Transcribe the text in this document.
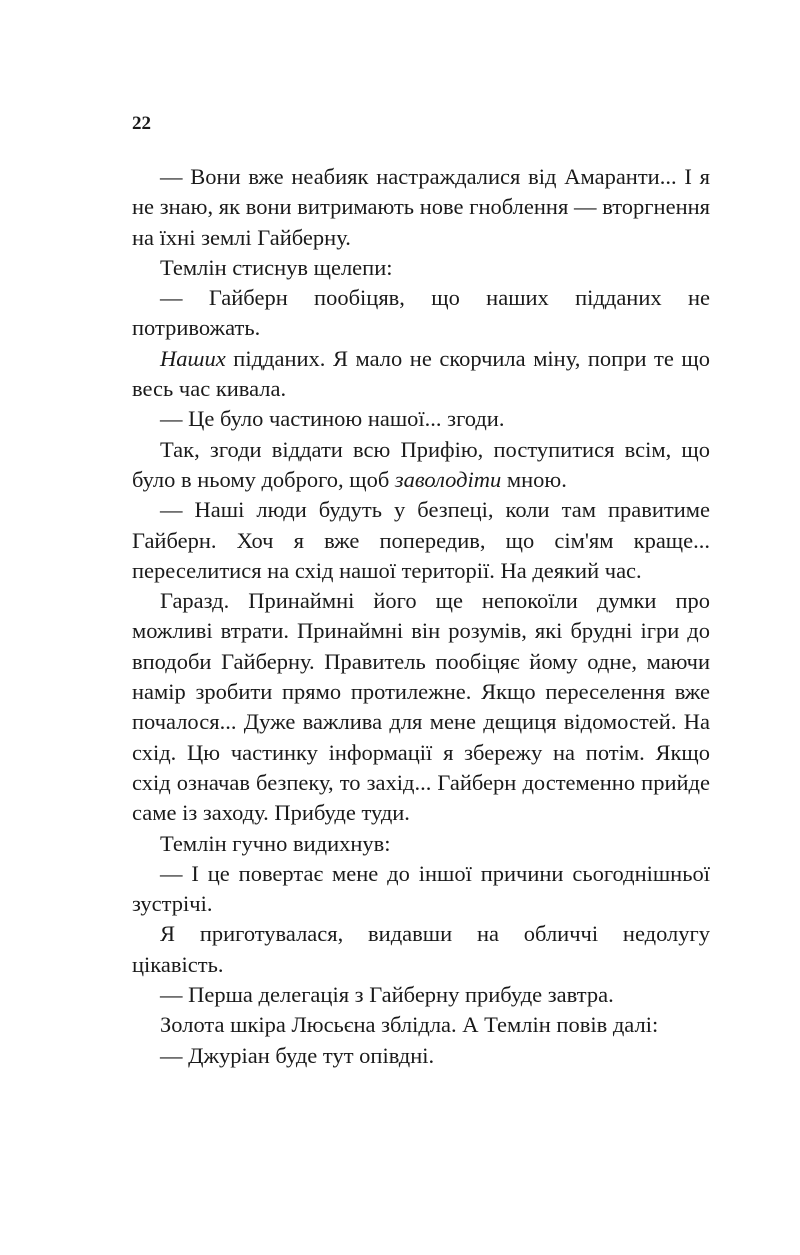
22

— Вони вже неабияк настраждалися від Амаранти... І я не знаю, як вони витримають нове гноблення — вторгнення на їхні землі Гайберну.

Темлін стиснув щелепи:

— Гайберн пообіцяв, що наших підданих не потривожать.

Наших підданих. Я мало не скорчила міну, попри те що весь час кивала.

— Це було частиною нашої... згоди.

Так, згоди віддати всю Прифію, поступитися всім, що було в ньому доброго, щоб заволодіти мною.

— Наші люди будуть у безпеці, коли там правитиме Гайберн. Хоч я вже попередив, що сім'ям краще... переселитися на схід нашої території. На деякий час.

Гаразд. Принаймні його ще непокоїли думки про можливі втрати. Принаймні він розумів, які брудні ігри до вподоби Гайберну. Правитель пообіцяє йому одне, маючи намір зробити прямо протилежне. Якщо переселення вже почалося... Дуже важлива для мене дещиця відомостей. На схід. Цю частинку інформації я збережу на потім. Якщо схід означав безпеку, то захід... Гайберн достеменно прийде саме із заходу. Прибуде туди.

Темлін гучно видихнув:

— І це повертає мене до іншої причини сьогоднішньої зустрічі.

Я приготувалася, видавши на обличчі недолугу цікавість.

— Перша делегація з Гайберну прибуде завтра.

Золота шкіра Люсьєна зблідла. А Темлін повів далі:

— Джуріан буде тут опівдні.
